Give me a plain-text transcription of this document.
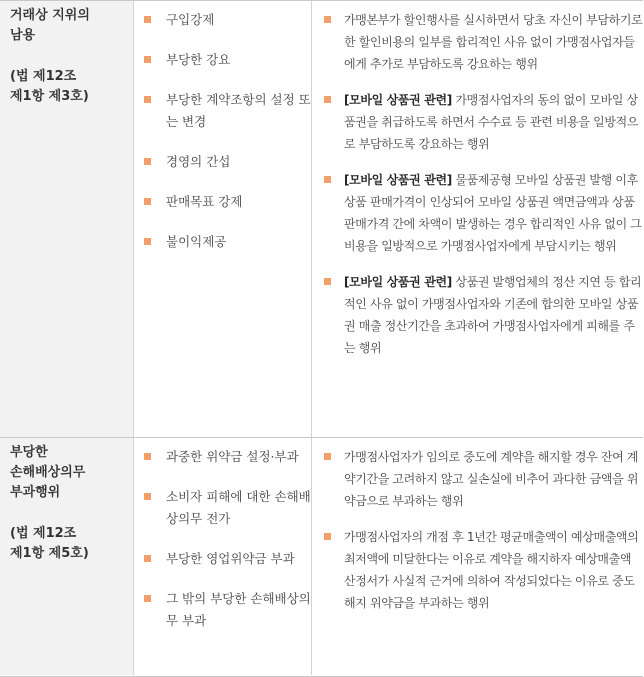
거래상 지위의
남용

(법 제12조
제1항 제3호)
구입강제
부당한 강요
부당한 계약조항의 설정 또는 변경
경영의 간섭
판매목표 강제
불이익제공
가맹본부가 할인행사를 실시하면서 당초 자신이 부담하기로 한 할인비용의 일부를 합리적인 사유 없이 가맹점사업자들에게 추가로 부담하도록 강요하는 행위
[모바일 상품권 관련] 가맹점사업자의 동의 없이 모바일 상품권을 취급하도록 하면서 수수료 등 관련 비용을 일방적으로 부담하도록 강요하는 행위
[모바일 상품권 관련] 물품제공형 모바일 상품권 발행 이후 상품 판매가격이 인상되어 모바일 상품권 액면금액과 상품 판매가격 간에 차액이 발생하는 경우 합리적인 사유 없이 그 비용을 일방적으로 가맹점사업자에게 부담시키는 행위
[모바일 상품권 관련] 상품권 발행업체의 정산 지연 등 합리적인 사유 없이 가맹점사업자와 기존에 합의한 모바일 상품권 매출 정산기간을 초과하여 가맹점사업자에게 피해를 주는 행위

부당한
손해배상의무
부과행위

(법 제12조
제1항 제5호)
과중한 위약금 설정·부과
소비자 피해에 대한 손해배상의무 전가
부당한 영업위약금 부과
그 밖의 부당한 손해배상의무 부과
가맹점사업자가 임의로 중도에 계약을 해지할 경우 잔여 계약기간을 고려하지 않고 실손실에 비추어 과다한 금액을 위약금으로 부과하는 행위
가맹점사업자의 개점 후 1년간 평균매출액이 예상매출액의 최저액에 미달한다는 이유로 계약을 해지하자 예상매출액 산정서가 사실적 근거에 의하여 작성되었다는 이유로 중도해지 위약금을 부과하는 행위
